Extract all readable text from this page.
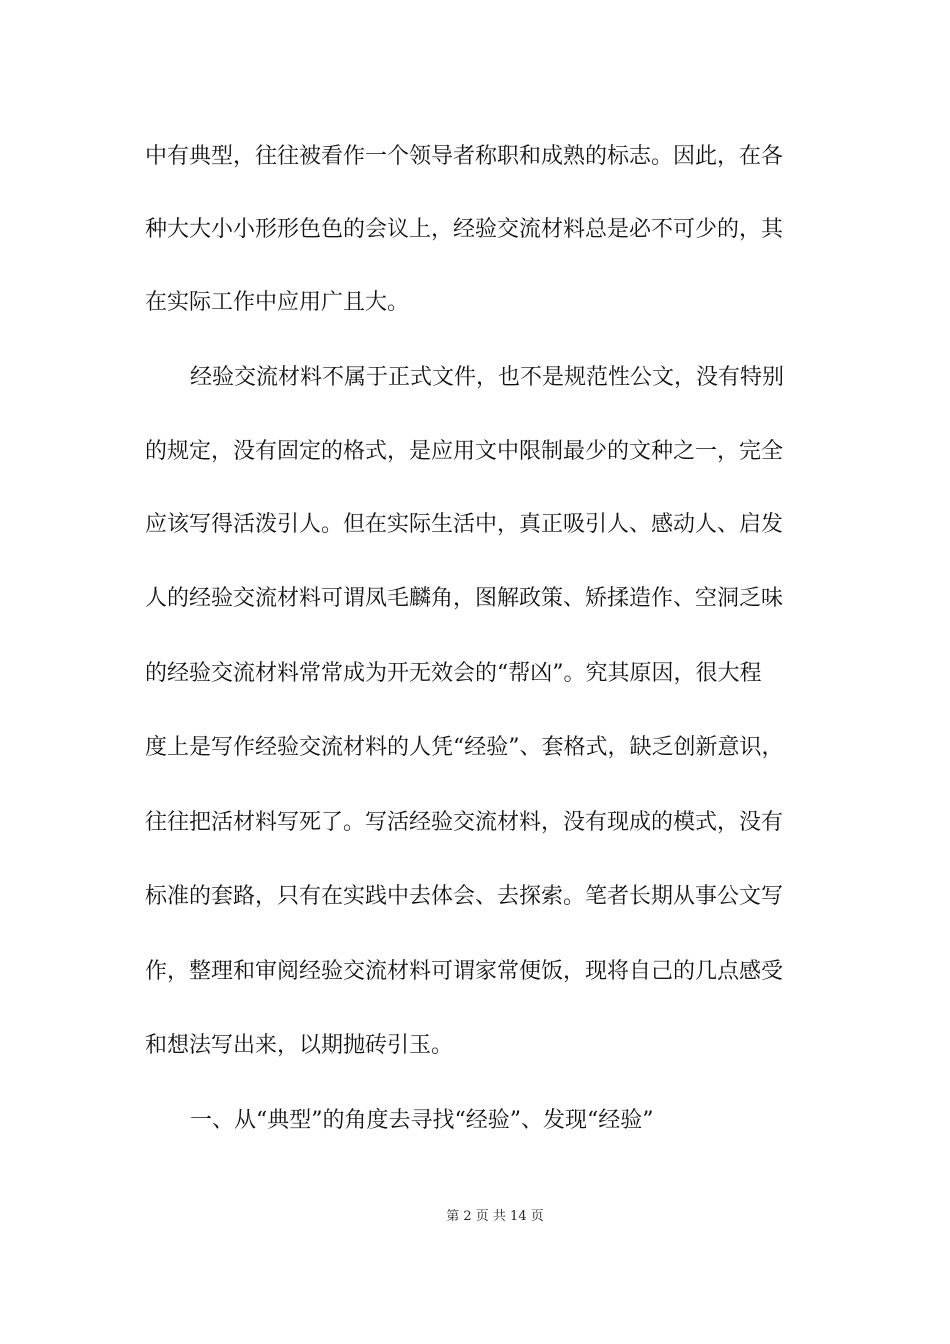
中有典型，往往被看作一个领导者称职和成熟的标志。因此，在各
种大大小小形形色色的会议上，经验交流材料总是必不可少的，其
在实际工作中应用广且大。
经验交流材料不属于正式文件，也不是规范性公文，没有特别
的规定，没有固定的格式，是应用文中限制最少的文种之一，完全
应该写得活泼引人。但在实际生活中，真正吸引人、感动人、启发
人的经验交流材料可谓凤毛麟角，图解政策、矫揉造作、空洞乏味
的经验交流材料常常成为开无效会的“帮凶”。究其原因，很大程
度上是写作经验交流材料的人凭“经验”、套格式，缺乏创新意识，
往往把活材料写死了。写活经验交流材料，没有现成的模式，没有
标准的套路，只有在实践中去体会、去探索。笔者长期从事公文写
作，整理和审阅经验交流材料可谓家常便饭，现将自己的几点感受
和想法写出来，以期抛砖引玉。
一、从“典型”的角度去寻找“经验”、发现“经验”
第 2 页 共 14 页
